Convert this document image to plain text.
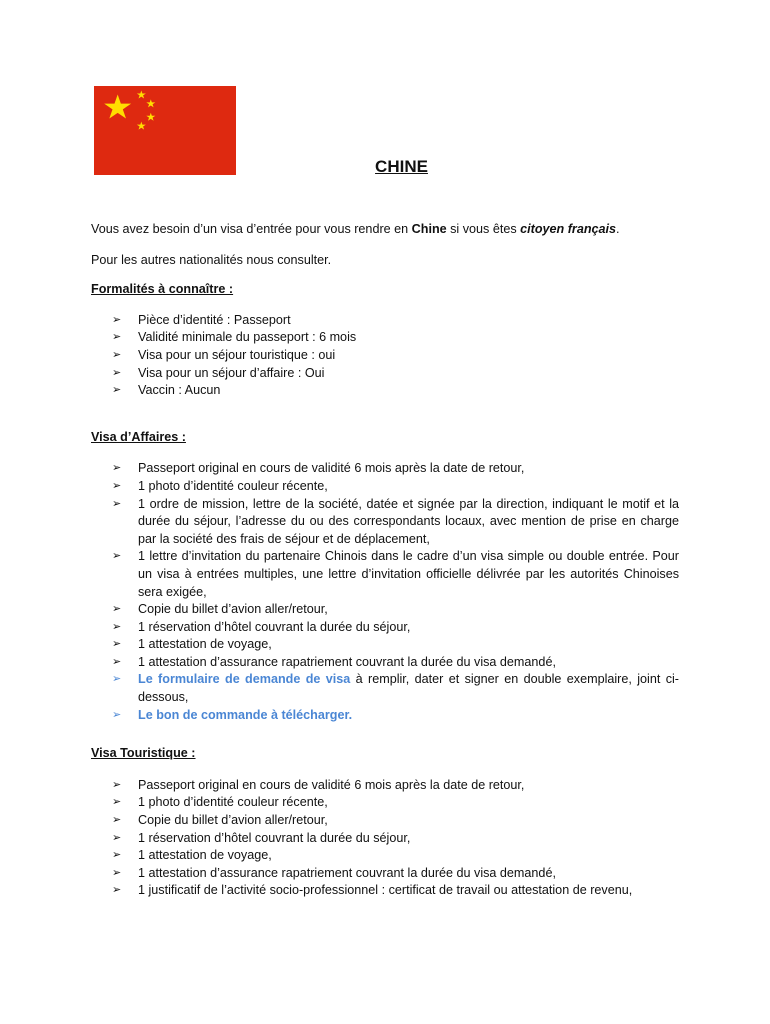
CHINE

Vous avez besoin d’un visa d’entrée pour vous rendre en Chine si vous êtes citoyen français.

Pour les autres nationalités nous consulter.

Formalités à connaître :

➢ Pièce d’identité : Passeport
➢ Validité minimale du passeport : 6 mois
➢ Visa pour un séjour touristique : oui
➢ Visa pour un séjour d’affaire : Oui
➢ Vaccin : Aucun

Visa d’Affaires :

➢ Passeport original en cours de validité 6 mois après la date de retour,
➢ 1 photo d’identité couleur récente,
➢ 1 ordre de mission, lettre de la société, datée et signée par la direction, indiquant le motif et la durée du séjour, l’adresse du ou des correspondants locaux, avec mention de prise en charge par la société des frais de séjour et de déplacement,
➢ 1 lettre d’invitation du partenaire Chinois dans le cadre d’un visa simple ou double entrée. Pour un visa à entrées multiples, une lettre d’invitation officielle délivrée par les autorités Chinoises sera exigée,
➢ Copie du billet d’avion aller/retour,
➢ 1 réservation d’hôtel couvrant la durée du séjour,
➢ 1 attestation de voyage,
➢ 1 attestation d’assurance rapatriement couvrant la durée du visa demandé,
➢ Le formulaire de demande de visa à remplir, dater et signer en double exemplaire, joint ci-dessous,
➢ Le bon de commande à télécharger.

Visa Touristique :

➢ Passeport original en cours de validité 6 mois après la date de retour,
➢ 1 photo d’identité couleur récente,
➢ Copie du billet d’avion aller/retour,
➢ 1 réservation d’hôtel couvrant la durée du séjour,
➢ 1 attestation de voyage,
➢ 1 attestation d’assurance rapatriement couvrant la durée du visa demandé,
➢ 1 justificatif de l’activité socio-professionnel : certificat de travail ou attestation de revenu,
